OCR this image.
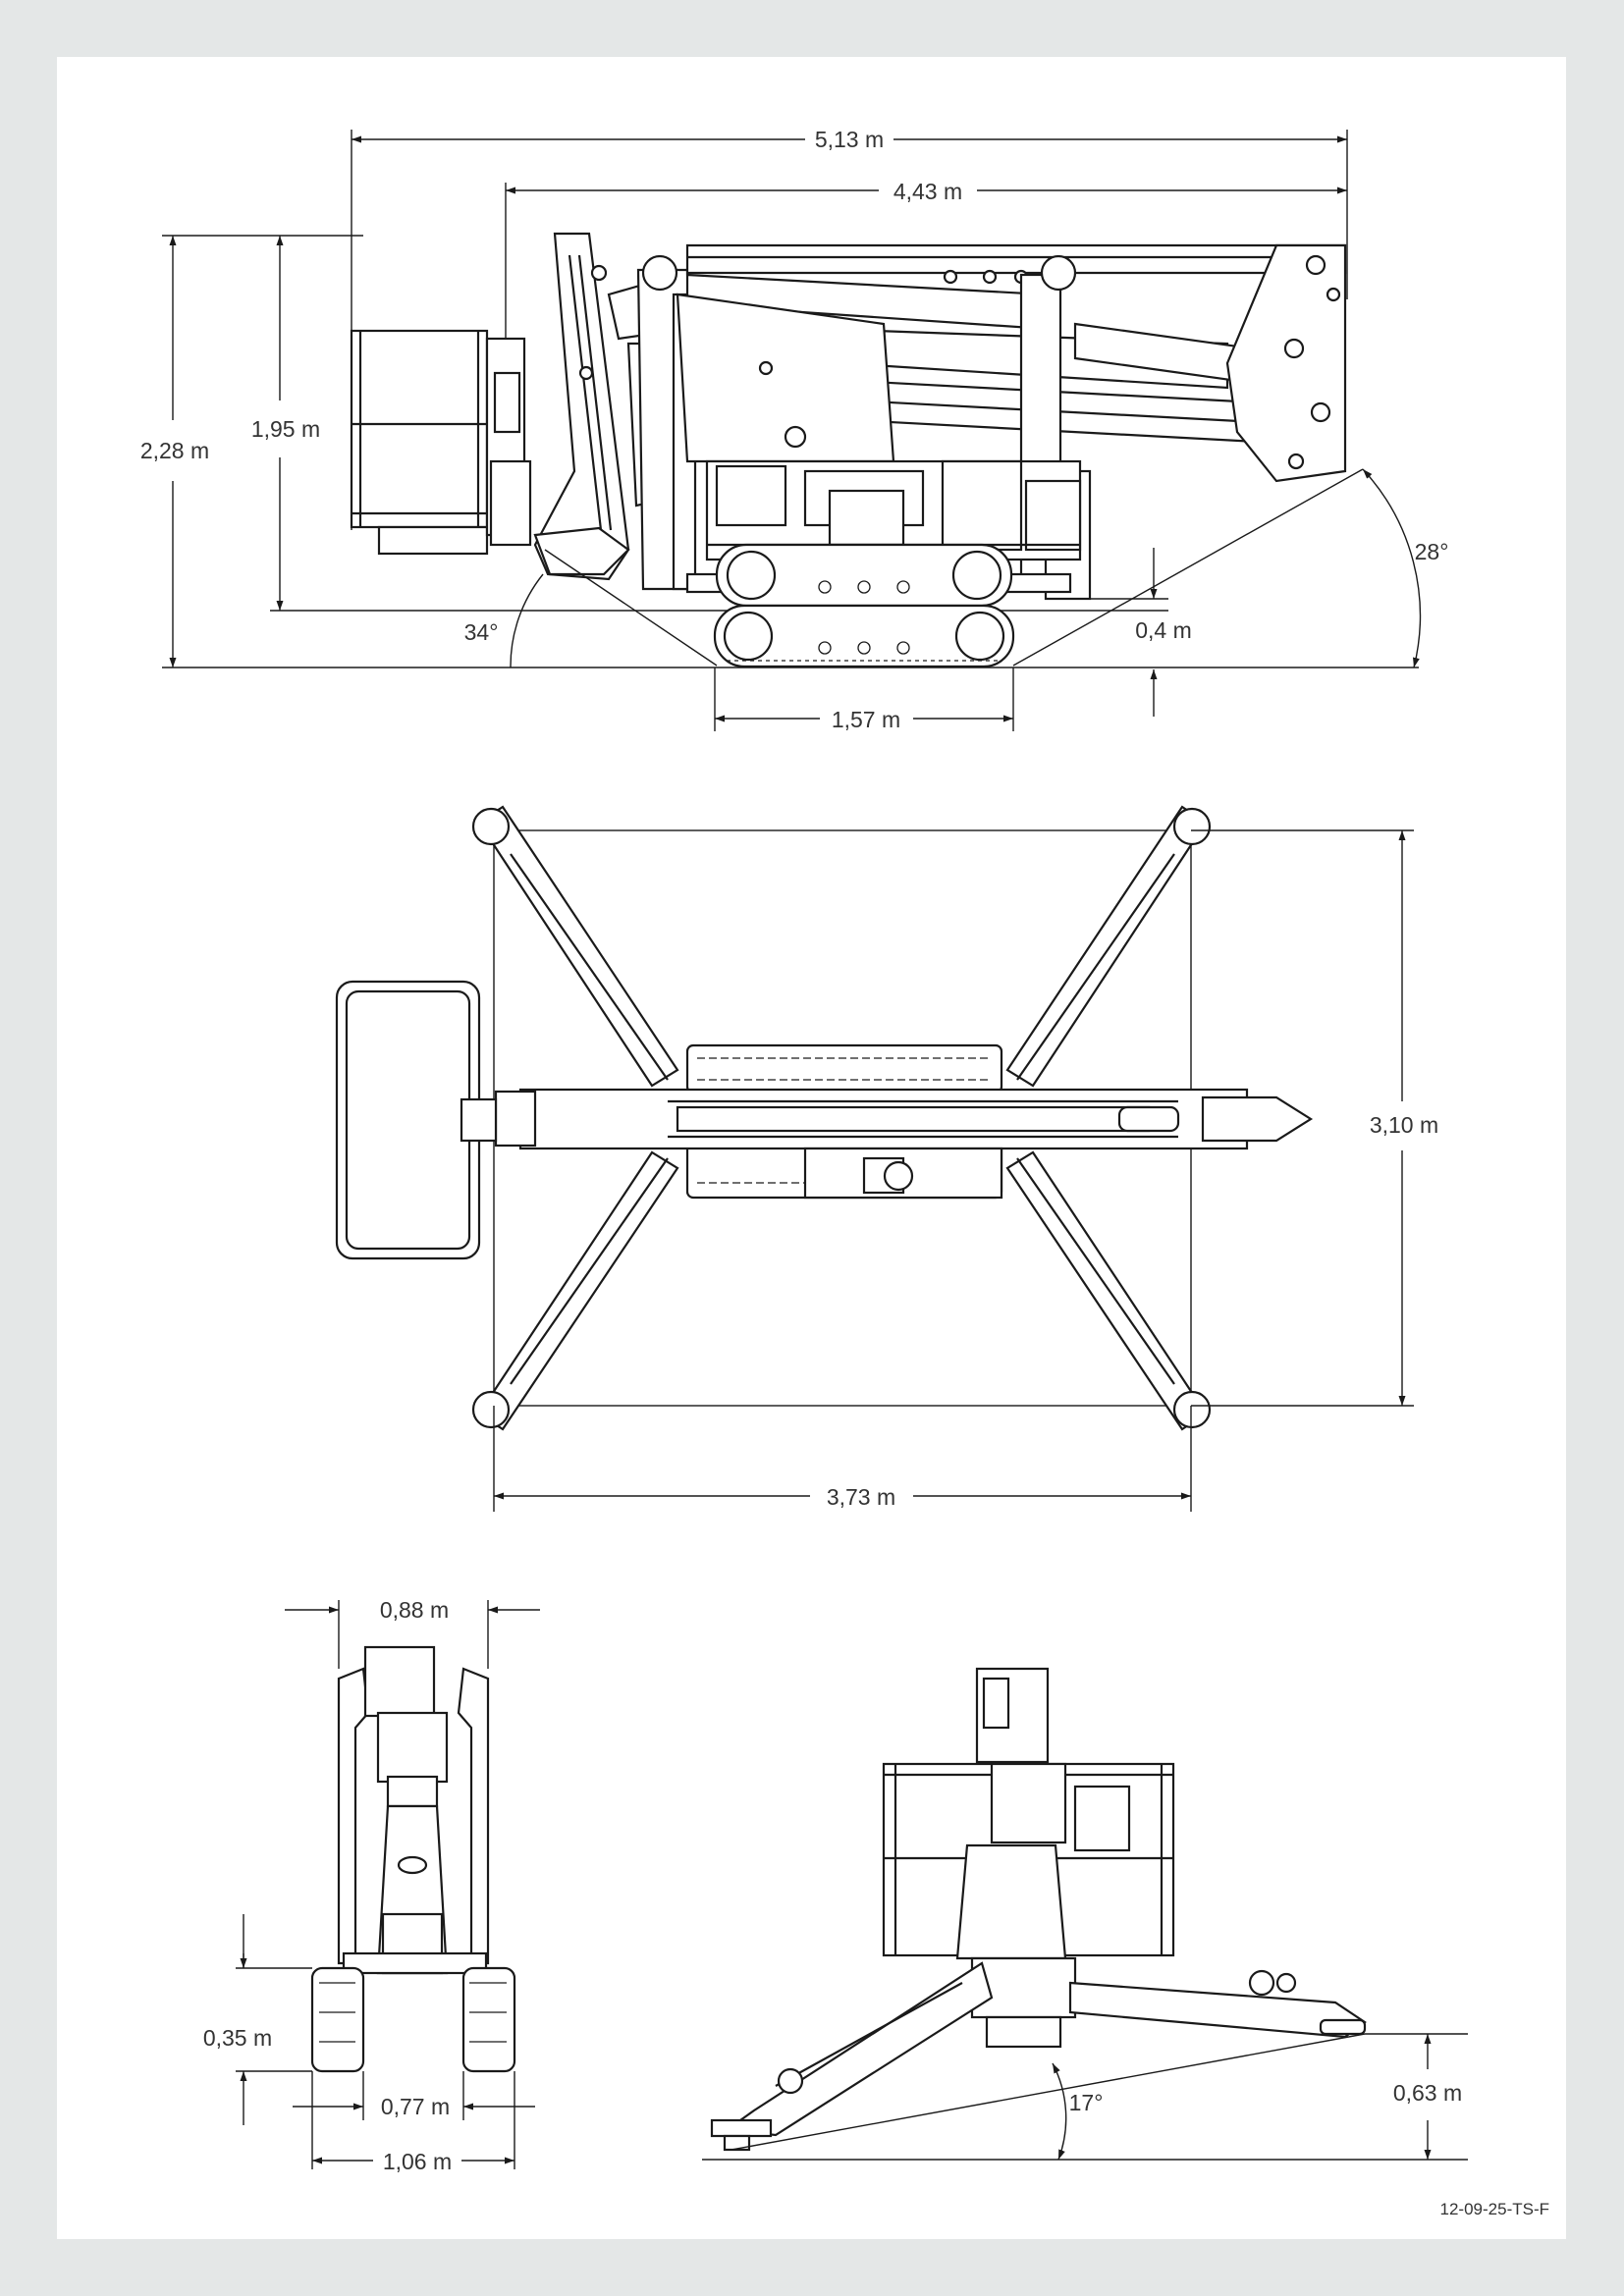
5,13 m
4,43 m
2,28 m
1,95 m
34°
28°
0,4 m
1,57 m
3,10 m
3,73 m
0,88 m
0,35 m
0,77 m
1,06 m
17°	0,63 m
12-09-25-TS-F
